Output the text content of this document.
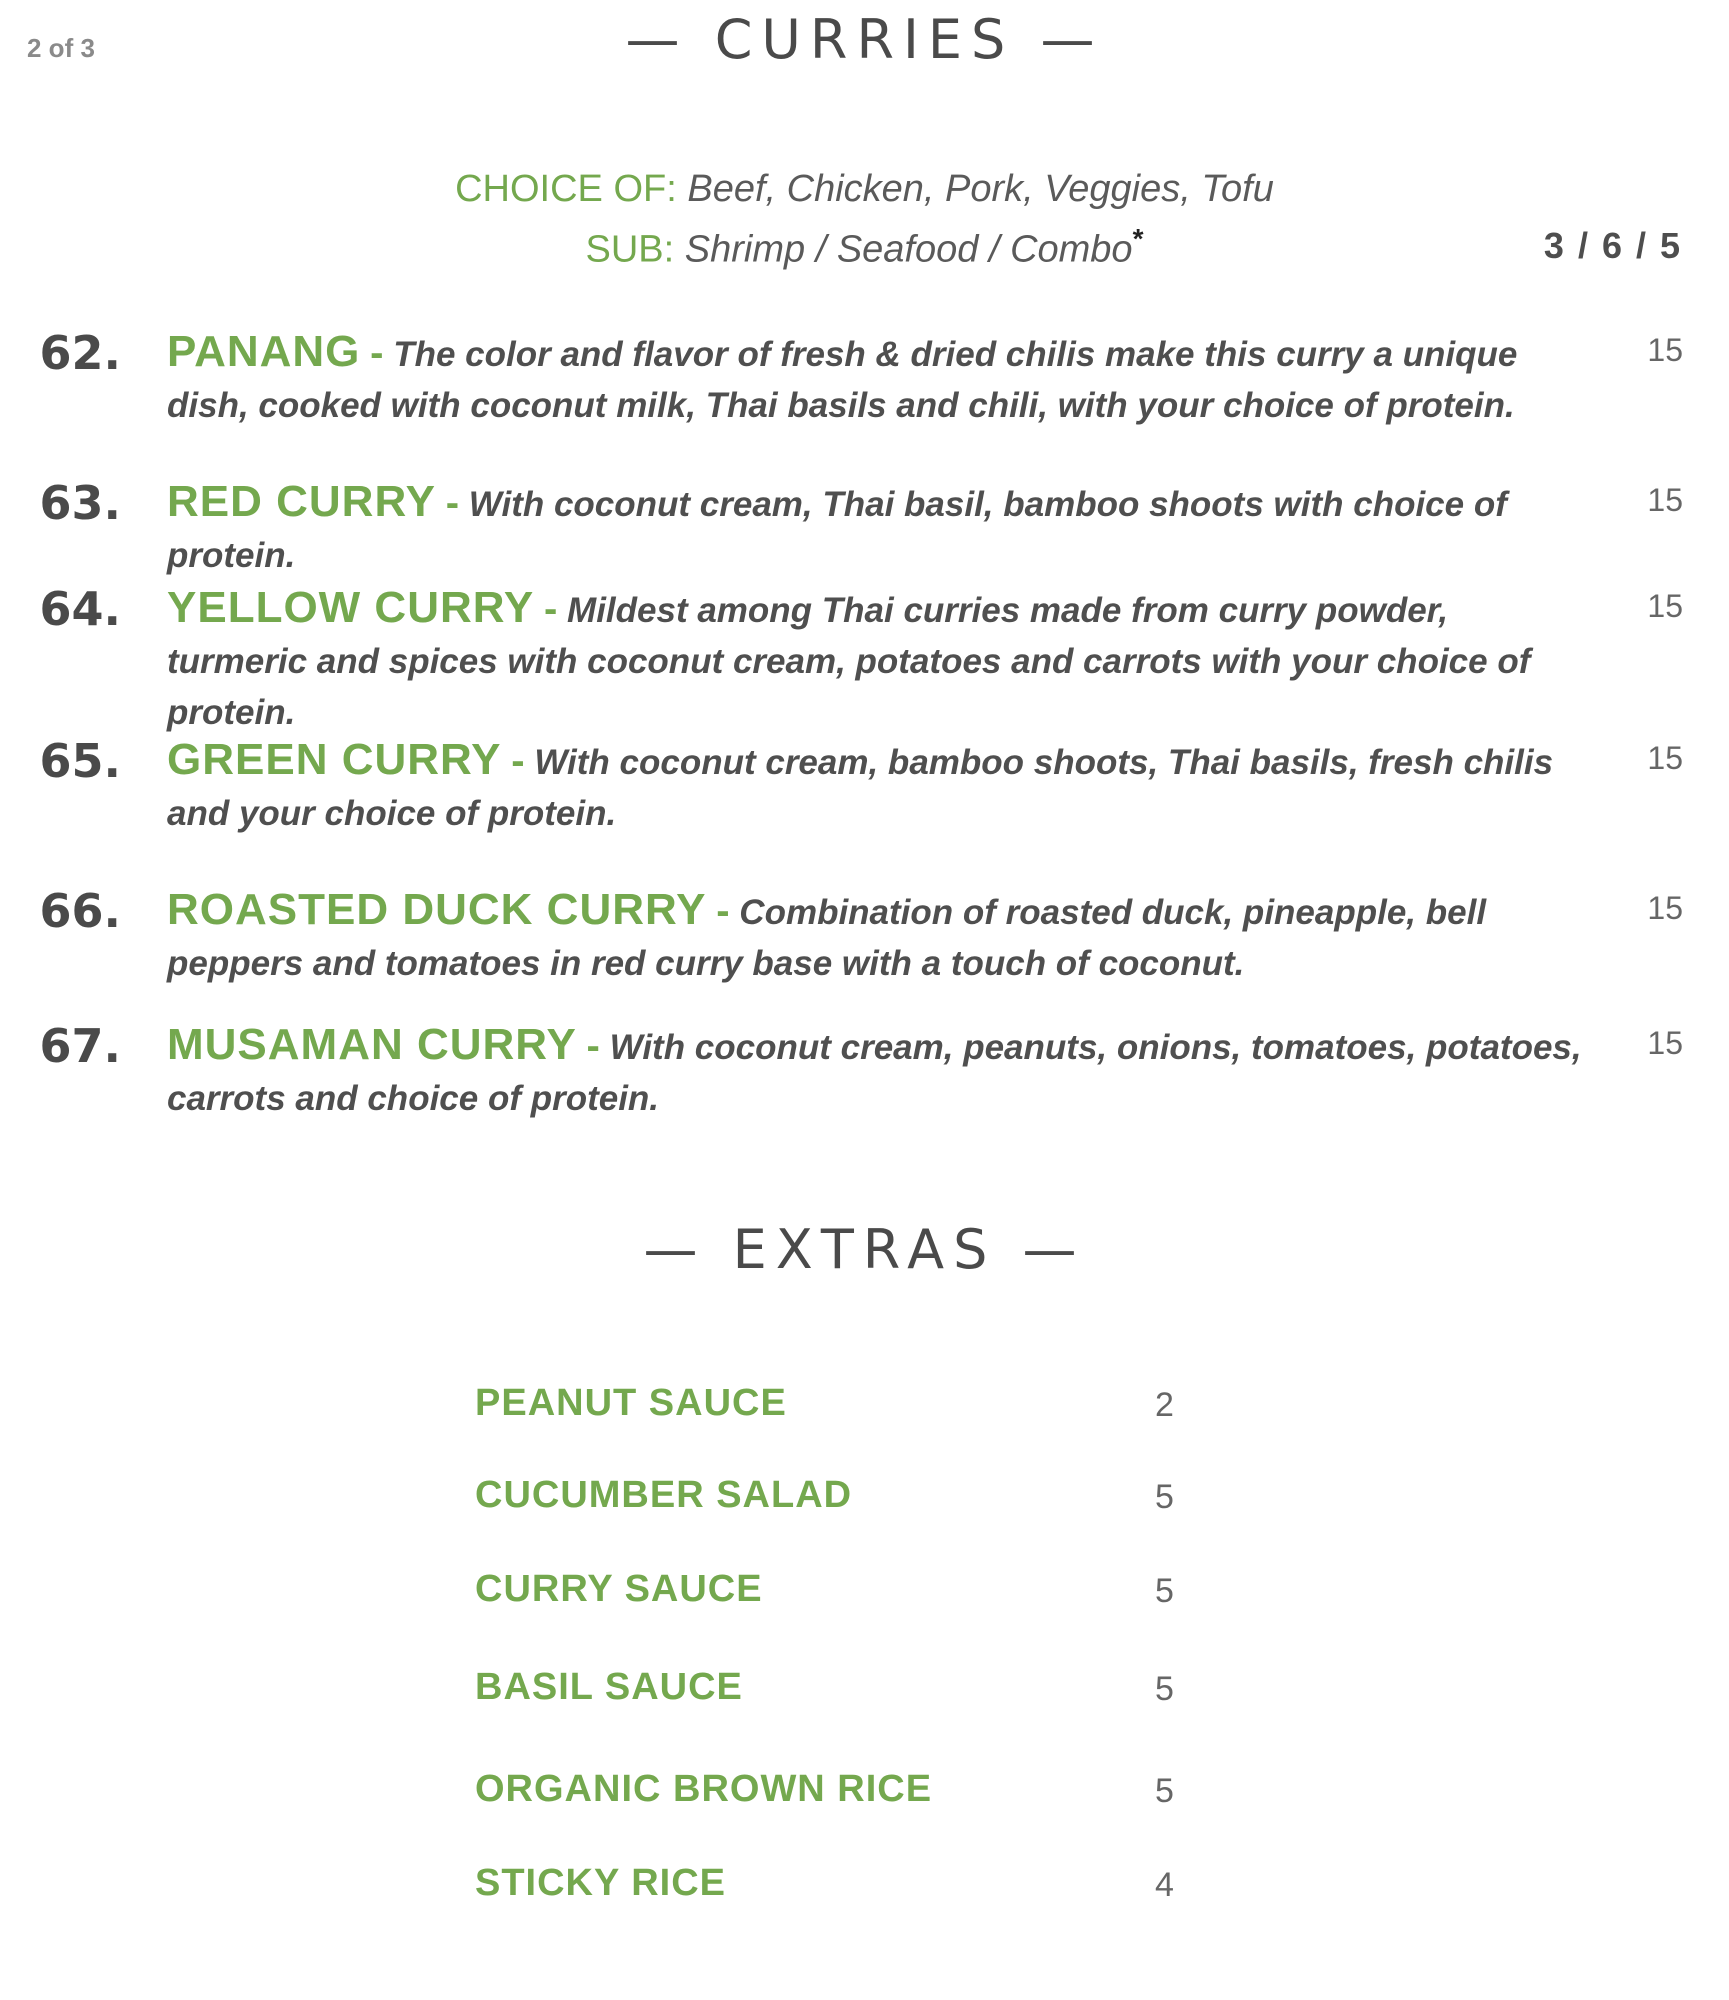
2 of 3	— CURRIES —
CHOICE OF: Beef, Chicken, Pork, Veggies, Tofu
SUB: Shrimp / Seafood / Combo*	3 / 6 / 5
62. PANANG - The color and flavor of fresh & dried chilis make this curry a unique dish, cooked with coconut milk, Thai basils and chili, with your choice of protein.
15
63. RED CURRY - With coconut cream, Thai basil, bamboo shoots with choice of protein.
15
64. YELLOW CURRY - Mildest among Thai curries made from curry powder, turmeric and spices with coconut cream, potatoes and carrots with your choice of protein.
15
65. GREEN CURRY - With coconut cream, bamboo shoots, Thai basils, fresh chilis and your choice of protein.
15
66. ROASTED DUCK CURRY - Combination of roasted duck, pineapple, bell peppers and tomatoes in red curry base with a touch of coconut.
15
67. MUSAMAN CURRY - With coconut cream, peanuts, onions, tomatoes, potatoes, carrots and choice of protein.
15
— EXTRAS —
PEANUT SAUCE	2
CUCUMBER SALAD	5
CURRY SAUCE	5
BASIL SAUCE	5
ORGANIC BROWN RICE	5
STICKY RICE	4
